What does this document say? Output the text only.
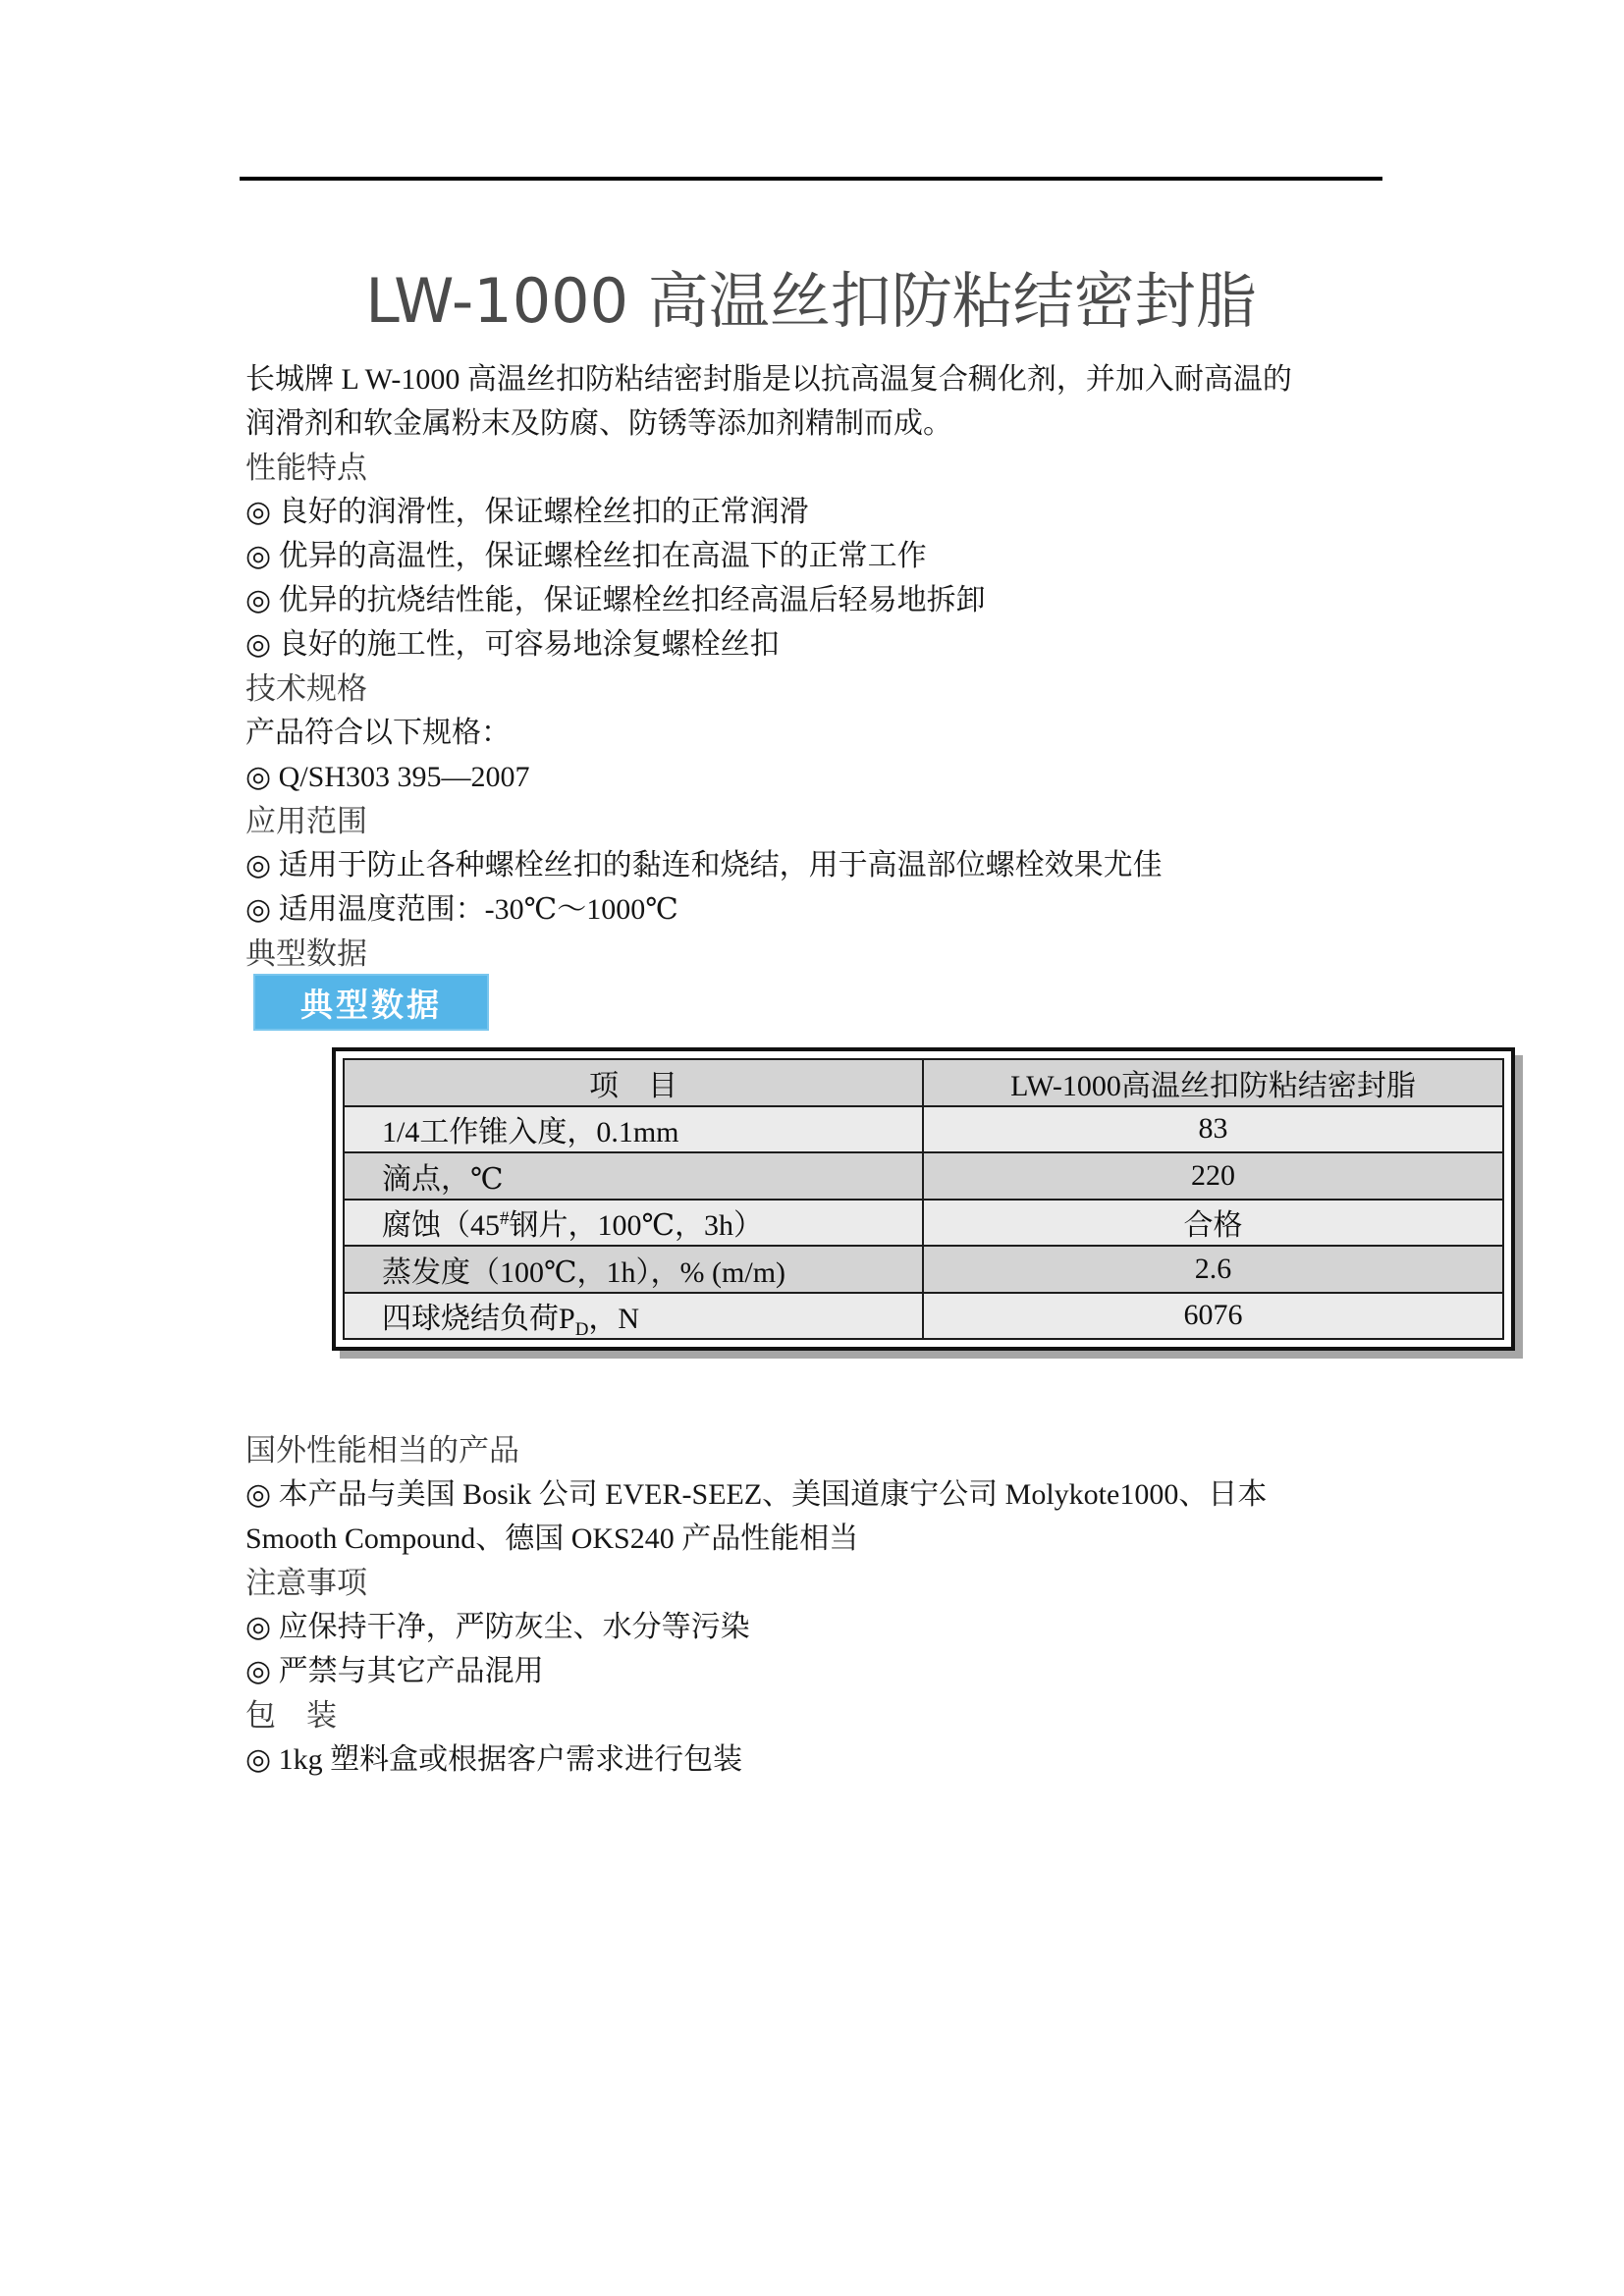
LW-1000 高温丝扣防粘结密封脂
长城牌 L W-1000 高温丝扣防粘结密封脂是以抗高温复合稠化剂，并加入耐高温的
润滑剂和软金属粉末及防腐、防锈等添加剂精制而成。
性能特点
◎ 良好的润滑性，保证螺栓丝扣的正常润滑
◎ 优异的高温性，保证螺栓丝扣在高温下的正常工作
◎ 优异的抗烧结性能，保证螺栓丝扣经高温后轻易地拆卸
◎ 良好的施工性，可容易地涂复螺栓丝扣
技术规格
产品符合以下规格：
◎ Q/SH303 395—2007
应用范围
◎ 适用于防止各种螺栓丝扣的黏连和烧结，用于高温部位螺栓效果尤佳
◎ 适用温度范围：-30℃～1000℃
典型数据
典型数据
项　目	LW-1000高温丝扣防粘结密封脂
1/4工作锥入度，0.1mm	83
滴点，℃	220
腐蚀（45#钢片，100℃，3h）	合格
蒸发度（100℃，1h），% (m/m)	2.6
四球烧结负荷$P_D$，N	6076
国外性能相当的产品
◎ 本产品与美国 Bosik 公司 EVER-SEEZ、美国道康宁公司 Molykote1000、日本
Smooth Compound、德国 OKS240 产品性能相当
注意事项
◎ 应保持干净，严防灰尘、水分等污染
◎ 严禁与其它产品混用
包　装
◎ 1kg 塑料盒或根据客户需求进行包装
